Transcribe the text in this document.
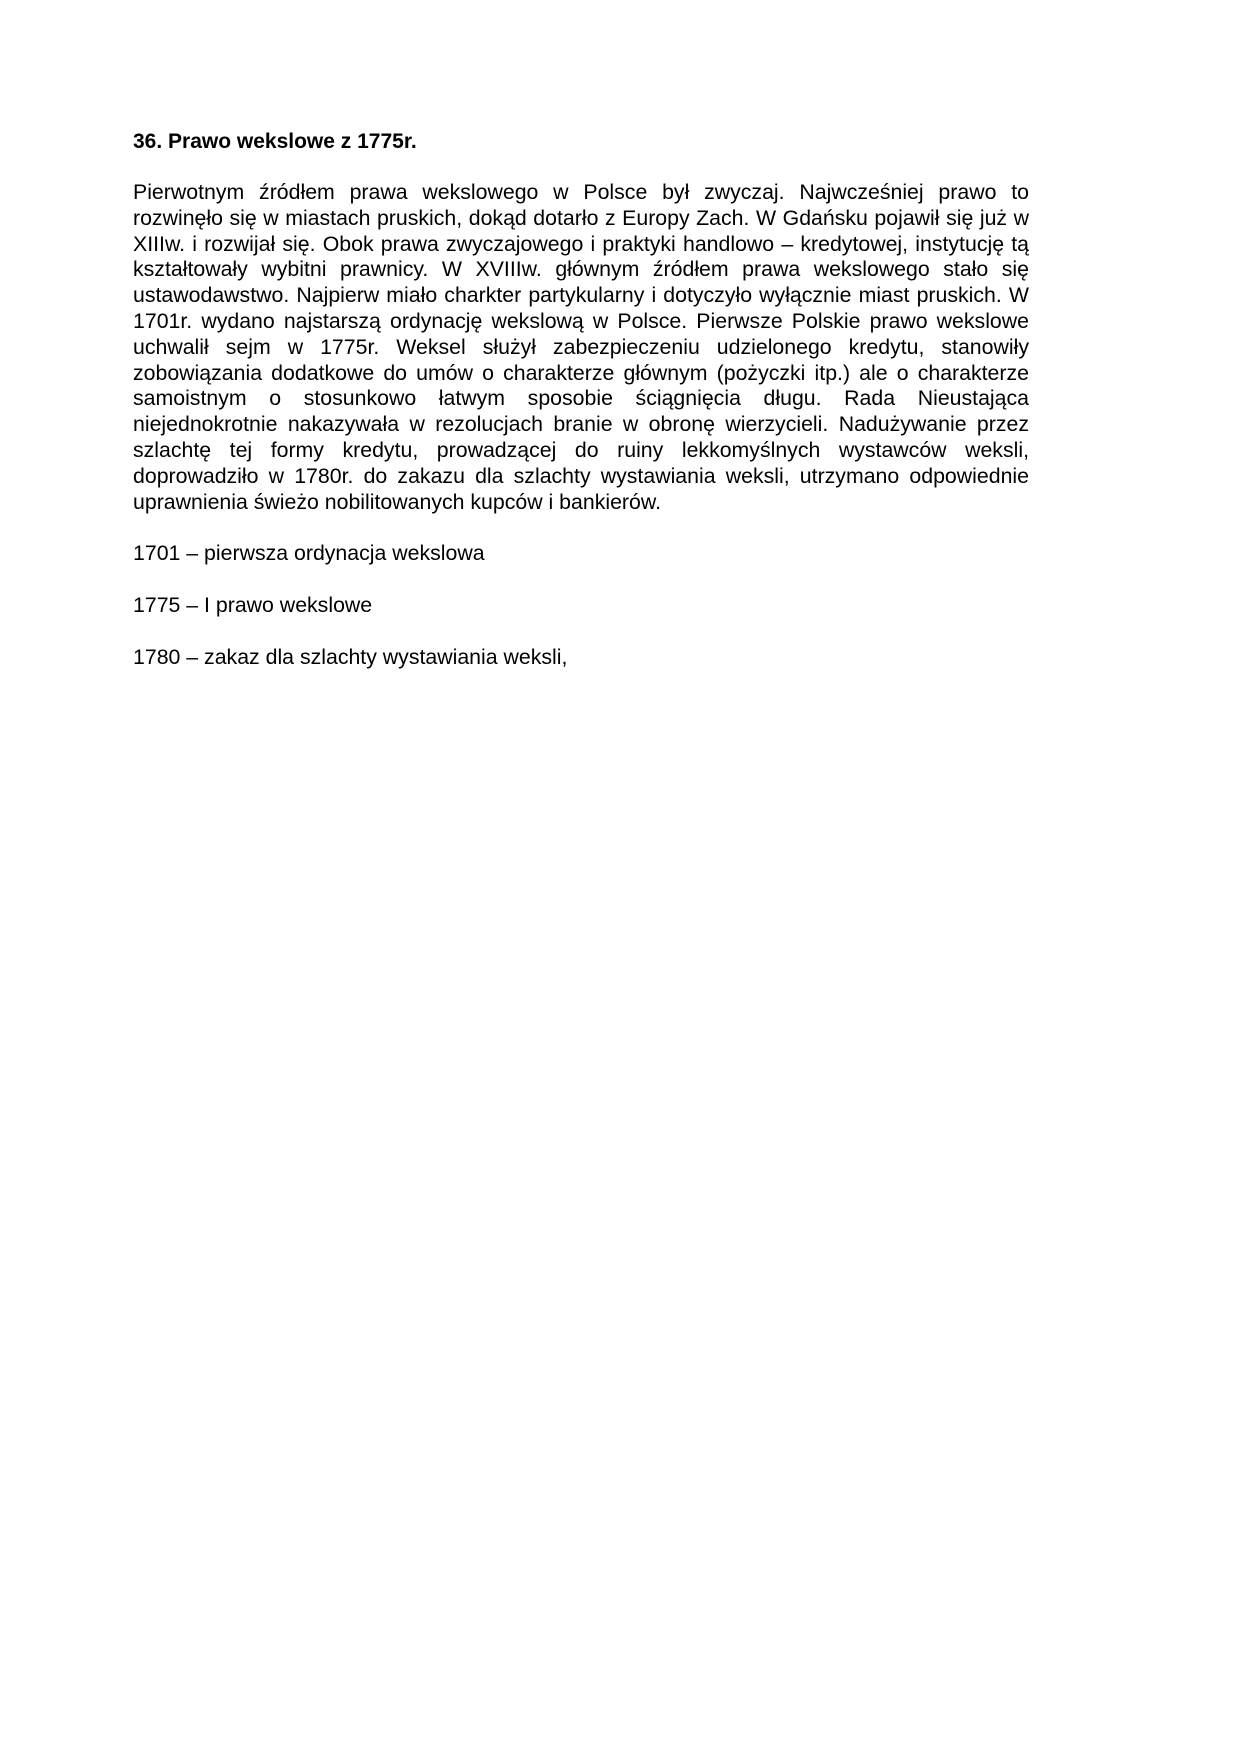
36. Prawo wekslowe z 1775r.

Pierwotnym źródłem prawa wekslowego w Polsce był zwyczaj. Najwcześniej prawo to rozwinęło się w miastach pruskich, dokąd dotarło z Europy Zach. W Gdańsku pojawił się już w XIIIw. i rozwijał się. Obok prawa zwyczajowego i praktyki handlowo – kredytowej, instytucję tą kształtowały wybitni prawnicy. W XVIIIw. głównym źródłem prawa wekslowego stało się ustawodawstwo. Najpierw miało charkter partykularny i dotyczyło wyłącznie miast pruskich. W 1701r. wydano najstarszą ordynację wekslową w Polsce. Pierwsze Polskie prawo wekslowe uchwalił sejm w 1775r. Weksel służył zabezpieczeniu udzielonego kredytu, stanowiły zobowiązania dodatkowe do umów o charakterze głównym (pożyczki itp.) ale o charakterze samoistnym o stosunkowo łatwym sposobie ściągnięcia długu. Rada Nieustająca niejednokrotnie nakazywała w rezolucjach branie w obronę wierzycieli. Nadużywanie przez szlachtę tej formy kredytu, prowadzącej do ruiny lekkomyślnych wystawców weksli, doprowadziło w 1780r. do zakazu dla szlachty wystawiania weksli, utrzymano odpowiednie uprawnienia świeżo nobilitowanych kupców i bankierów.

1701 – pierwsza ordynacja wekslowa
1775 – I prawo wekslowe
1780 – zakaz dla szlachty wystawiania weksli,
